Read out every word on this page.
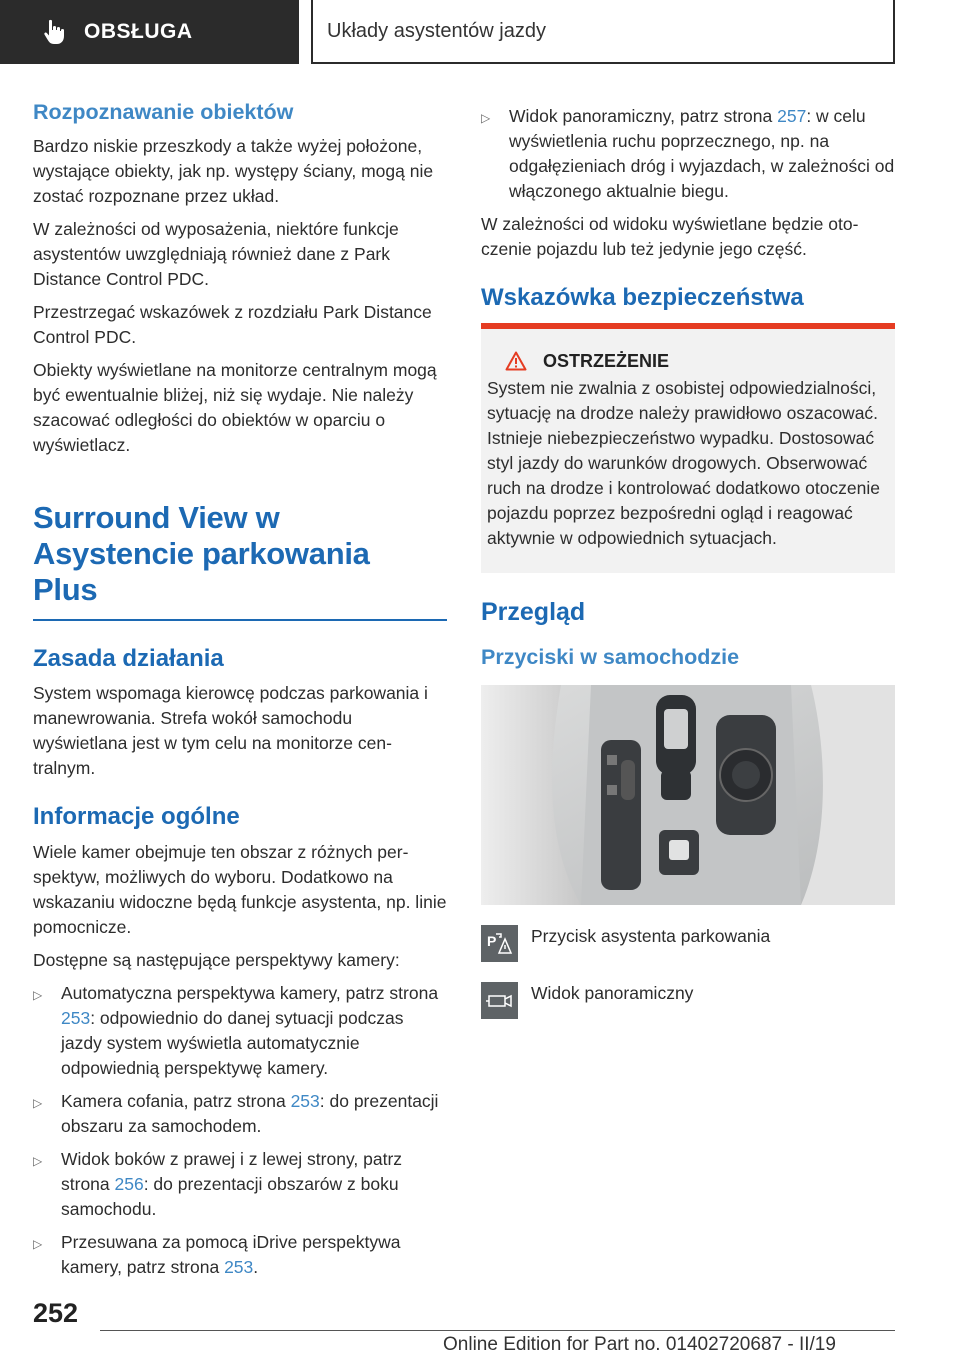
OBSŁUGA	Układy asystentów jazdy
Rozpoznawanie obiektów

Bardzo niskie przeszkody a także wyżej położone, wystające obiekty, jak np. występy ściany, mogą nie zostać rozpoznane przez układ.

W zależności od wyposażenia, niektóre funkcje asystentów uwzględniają również dane z Park Distance Control PDC.

Przestrzegać wskazówek z rozdziału Park Distance Control PDC.

Obiekty wyświetlane na monitorze centralnym mogą być ewentualnie bliżej, niż się wydaje. Nie należy szacować odległości do obiektów w oparciu o wyświetlacz.

Surround View w
Asystencie parkowania
Plus
Zasada działania

System wspomaga kierowcę podczas parkowania i manewrowania. Strefa wokół samochodu wyświetlana jest w tym celu na monitorze centralnym.

Informacje ogólne

Wiele kamer obejmuje ten obszar z różnych perspektyw, możliwych do wyboru. Dodatkowo na wskazaniu widoczne będą funkcje asystenta, np. linie pomocnicze.

Dostępne są następujące perspektywy kamery:

▷	Automatyczna perspektywa kamery, patrz strona 253: odpowiednio do danej sytuacji podczas jazdy system wyświetla automatycznie odpowiednią perspektywę kamery.
▷	Kamera cofania, patrz strona 253: do prezentacji obszaru za samochodem.
▷	Widok boków z prawej i z lewej strony, patrz strona 256: do prezentacji obszarów z boku samochodu.
▷	Przesuwana za pomocą iDrive perspektywa kamery, patrz strona 253.
▷	Widok panoramiczny, patrz strona 257: w celu wyświetlenia ruchu poprzecznego, np. na odgałęzieniach dróg i wyjazdach, w zależności od włączonego aktualnie biegu.

W zależności od widoku wyświetlane będzie otoczenie pojazdu lub też jedynie jego część.

Wskazówka bezpieczeństwa
OSTRZEŻENIE

System nie zwalnia z osobistej odpowiedzialności, sytuację na drodze należy prawidłowo oszacować. Istnieje niebezpieczeństwo wypadku. Dostosować styl jazdy do warunków drogowych. Obserwować ruch na drodze i kontrolować dodatkowo otoczenie pojazdu poprzez bezpośredni ogląd i reagować aktywnie w odpowiednich sytuacjach.

Przegląd
Przyciski w samochodzie
P Przycisk asystenta parkowania
Widok panoramiczny
252
Online Edition for Part no. 01402720687 - II/19
